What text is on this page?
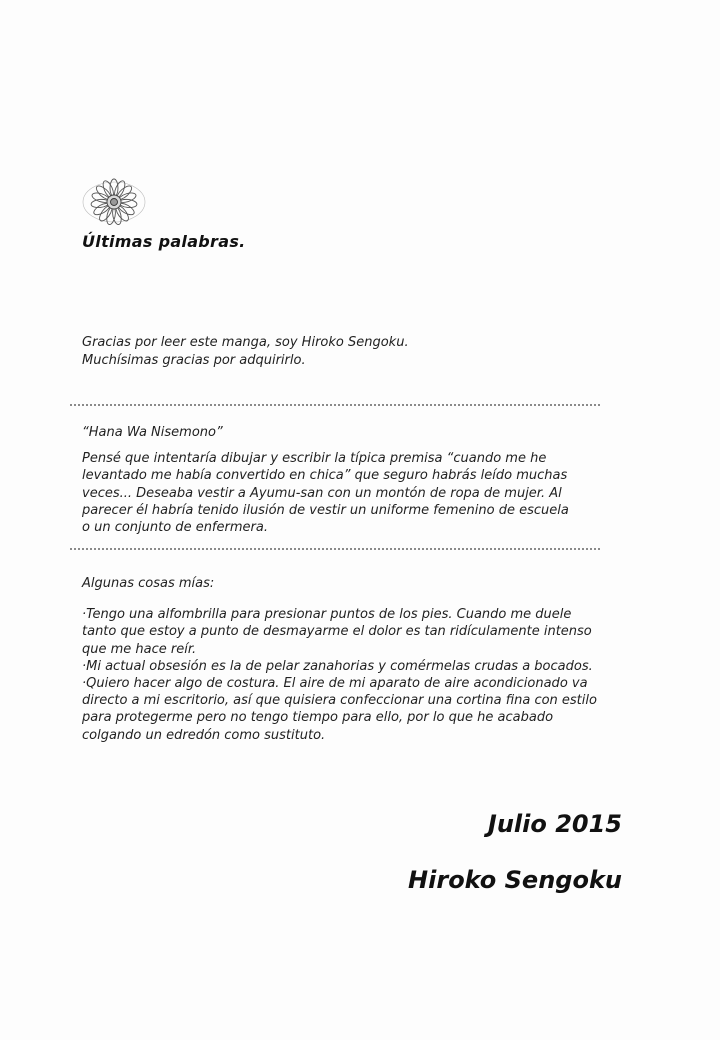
Últimas palabras.
Gracias por leer este manga, soy Hiroko Sengoku.
Muchísimas gracias por adquirirlo.
“Hana Wa Nisemono”
Pensé que intentaría dibujar y escribir la típica premisa “cuando me he
levantado me había convertido en chica” que seguro habrás leído muchas
veces... Deseaba vestir a Ayumu-san con un montón de ropa de mujer. Al
parecer él habría tenido ilusión de vestir un uniforme femenino de escuela
o un conjunto de enfermera.
Algunas cosas mías:
·Tengo una alfombrilla para presionar puntos de los pies. Cuando me duele
tanto que estoy a punto de desmayarme el dolor es tan ridículamente intenso
que me hace reír.
·Mi actual obsesión es la de pelar zanahorias y comérmelas crudas a bocados.
·Quiero hacer algo de costura. El aire de mi aparato de aire acondicionado va
directo a mi escritorio, así que quisiera confeccionar una cortina fina con estilo
para protegerme pero no tengo tiempo para ello, por lo que he acabado
colgando un edredón como sustituto.
Julio 2015
Hiroko Sengoku
